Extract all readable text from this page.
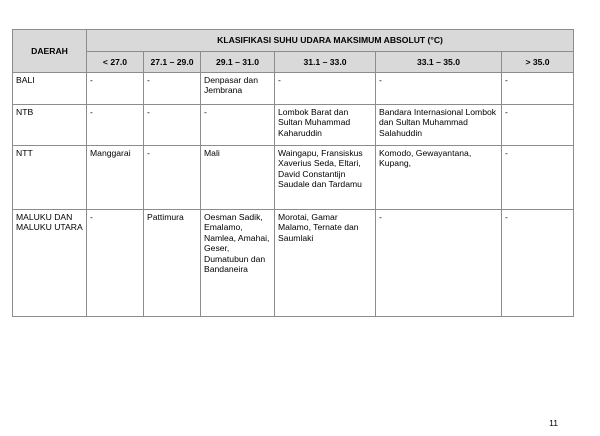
DAERAH	KLASIFIKASI SUHU UDARA MAKSIMUM ABSOLUT (°C)					
	< 27.0	27.1 – 29.0	29.1 – 31.0	31.1 – 33.0	33.1 – 35.0	> 35.0
BALI	-	-	Denpasar dan Jembrana	-	-	-
NTB	-	-	-	Lombok Barat dan Sultan Muhammad Kaharuddin	Bandara Internasional Lombok dan Sultan Muhammad Salahuddin	-
NTT	Manggarai	-	Mali	Waingapu, Fransiskus Xaverius Seda, Eltari, David Constantijn Saudale dan Tardamu	Komodo, Gewayantana, Kupang,	-
MALUKU DAN MALUKU UTARA	-	Pattimura	Oesman Sadik, Emalamo, Namlea, Amahai, Geser, Dumatubun dan Bandaneira	Morotai, Gamar Malamo, Ternate dan Saumlaki	-	-
11
